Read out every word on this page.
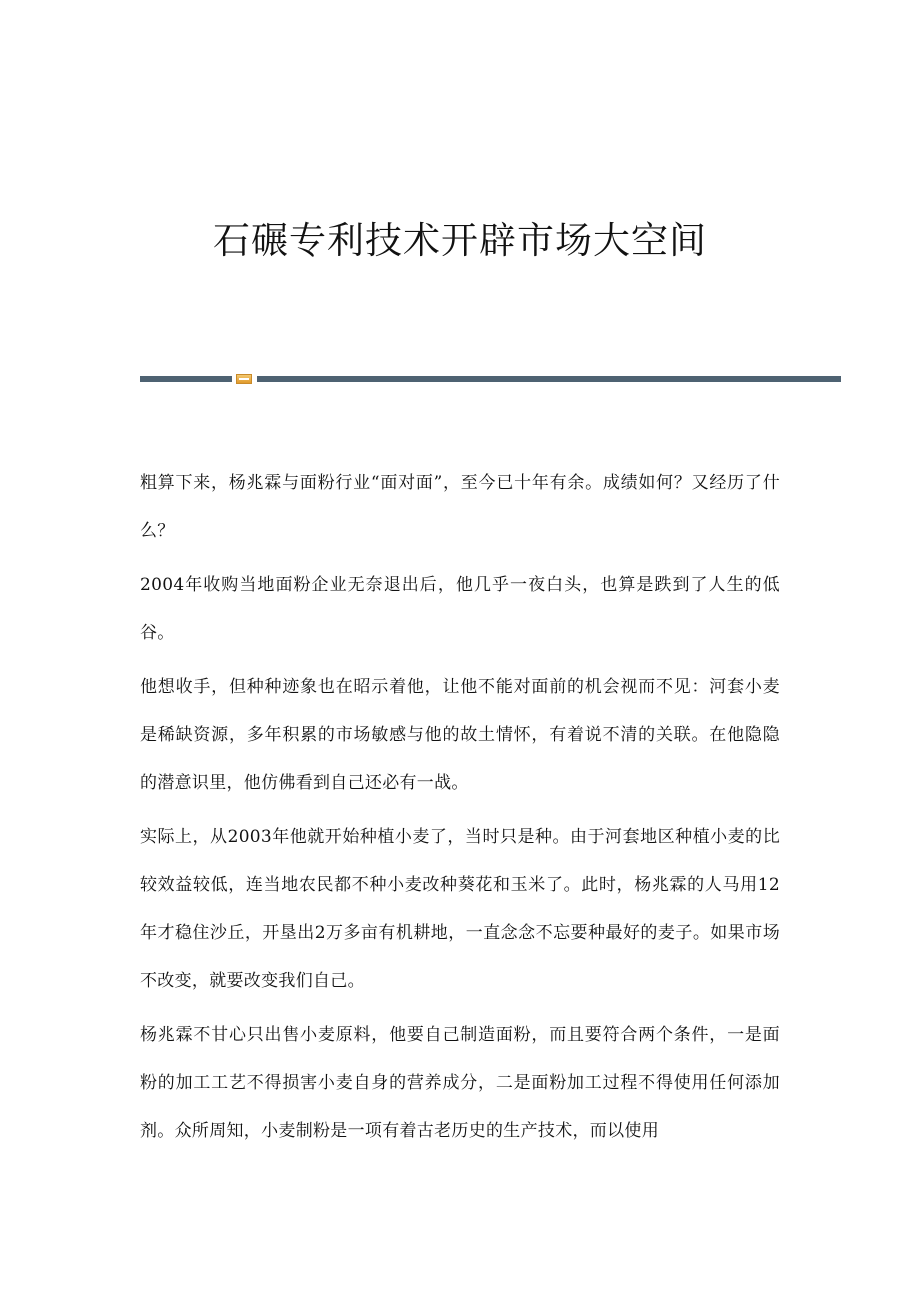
石碾专利技术开辟市场大空间

粗算下来，杨兆霖与面粉行业“面对面”，至今已十年有余。成绩如何？又经历了什么？

2004年收购当地面粉企业无奈退出后，他几乎一夜白头，也算是跌到了人生的低谷。

他想收手，但种种迹象也在昭示着他，让他不能对面前的机会视而不见：河套小麦是稀缺资源，多年积累的市场敏感与他的故土情怀，有着说不清的关联。在他隐隐的潜意识里，他仿佛看到自己还必有一战。

实际上，从2003年他就开始种植小麦了，当时只是种。由于河套地区种植小麦的比较效益较低，连当地农民都不种小麦改种葵花和玉米了。此时，杨兆霖的人马用12年才稳住沙丘，开垦出2万多亩有机耕地，一直念念不忘要种最好的麦子。如果市场不改变，就要改变我们自己。

杨兆霖不甘心只出售小麦原料，他要自己制造面粉，而且要符合两个条件，一是面粉的加工工艺不得损害小麦自身的营养成分，二是面粉加工过程不得使用任何添加剂。众所周知，小麦制粉是一项有着古老历史的生产技术，而以使用
